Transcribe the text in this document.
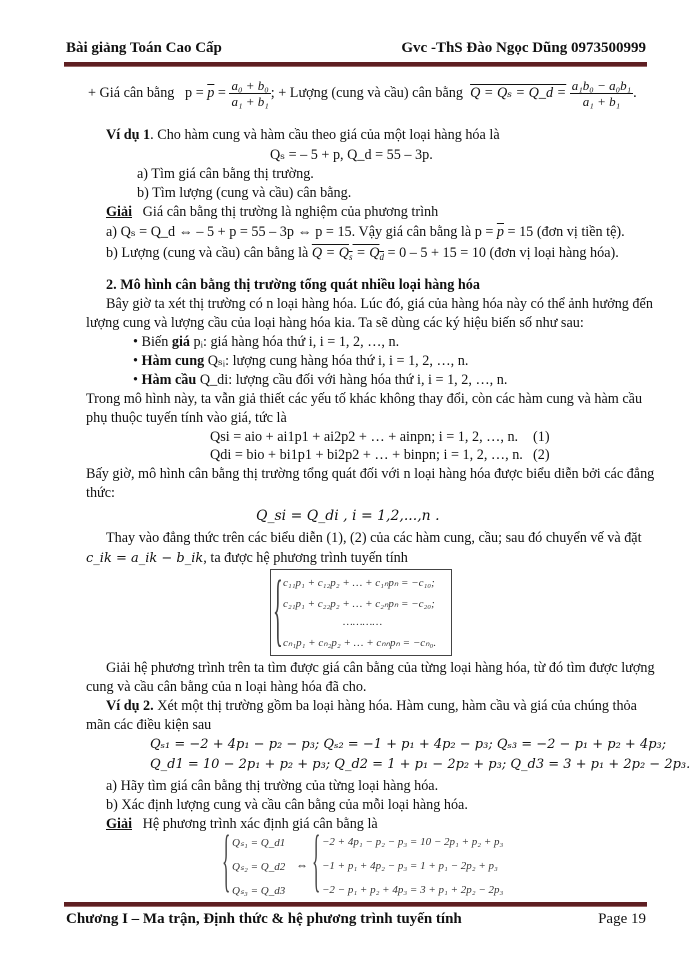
Bài giảng Toán Cao Cấp	Gvc -ThS Đào Ngọc Dũng 0973500999
+ Giá cân bằng $p = \overline{p} = \frac{\text{a₀ + b₀}}{\text{a₁ + b₁}}$ ; + Lượng (cung và cầu) cân bằng Q = Qₛ = Q_d = $\frac{\text{a₁b₀ − a₀b₁}}{\text{a₁ + b₁}}$ .
Ví dụ 1. Cho hàm cung và hàm cầu theo giá của một loại hàng hóa là
Qₛ = – 5 + p, Q_d = 55 – 3p.
a) Tìm giá cân bằng thị trường.
b) Tìm lượng (cung và cầu) cân bằng.
Giải Giá cân bằng thị trường là nghiệm của phương trình
a) Qₛ = Q_d ⇔ – 5 + p = 55 – 3p ⇔ p = 15. Vậy giá cân bằng là $p = \overline{p} = 15$ (đơn vị tiền tệ).
b) Lượng (cung và cầu) cân bằng là $Q = Q_s = Q_d = 0 - 5 + 15 = 10$ (đơn vị loại hàng hóa).
2. Mô hình cân bằng thị trường tổng quát nhiều loại hàng hóa
Bây giờ ta xét thị trường có n loại hàng hóa. Lúc đó, giá của hàng hóa này có thể ảnh hưởng đến
lượng cung và lượng cầu của loại hàng hóa kia. Ta sẽ dùng các ký hiệu biến số như sau:
• Biến giá pᵢ: giá hàng hóa thứ i, i = 1, 2, …, n.
• Hàm cung Qₛᵢ: lượng cung hàng hóa thứ i, i = 1, 2, …, n.
• Hàm cầu Q_di: lượng cầu đối với hàng hóa thứ i, i = 1, 2, …, n.
Trong mô hình này, ta vẫn giả thiết các yếu tố khác không thay đổi, còn các hàm cung và hàm cầu
phụ thuộc tuyến tính vào giá, tức là
Qsi = aio + ai1p1 + ai2p2 + … + ainpn; i = 1, 2, …, n. (1)
Qdi = bio + bi1p1 + bi2p2 + … + binpn; i = 1, 2, …, n. (2)
Bấy giờ, mô hình cân bằng thị trường tổng quát đối với n loại hàng hóa được biểu diễn bởi các đẳng
thức:
Q_si = Q_di , i = 1,2,...,n .
Thay vào đẳng thức trên các biểu diễn (1), (2) của các hàm cung, cầu; sau đó chuyển vế và đặt
c_ik = a_ik − b_ik, ta được hệ phương trình tuyến tính
{ c₁₁p₁ + c₁₂p₂ + … + c₁ₙpₙ = −c₁₀;
c₂₁p₁ + c₂₂p₂ + … + c₂ₙpₙ = −c₂₀;
…………
cₙ₁p₁ + cₙ₂p₂ + … + cₙₙpₙ = −cₙ₀.
Giải hệ phương trình trên ta tìm được giá cân bằng của từng loại hàng hóa, từ đó tìm được lượng
cung và cầu cân bằng của n loại hàng hóa đã cho.
Ví dụ 2. Xét một thị trường gồm ba loại hàng hóa. Hàm cung, hàm cầu và giá của chúng thỏa
mãn các điều kiện sau
Qₛ₁ = −2 + 4p₁ − p₂ − p₃; Qₛ₂ = −1 + p₁ + 4p₂ − p₃; Qₛ₃ = −2 − p₁ + p₂ + 4p₃;
Q_d1 = 10 − 2p₁ + p₂ + p₃; Q_d2 = 1 + p₁ − 2p₂ + p₃; Q_d3 = 3 + p₁ + 2p₂ − 2p₃.
a) Hãy tìm giá cân bằng thị trường của từng loại hàng hóa.
b) Xác định lượng cung và cầu cân bằng của mỗi loại hàng hóa.
Giải Hệ phương trình xác định giá cân bằng là
{ Qₛ₁ = Q_d1
Qₛ₂ = Q_d2
Qₛ₃ = Q_d3
⇔ { −2 + 4p₁ − p₂ − p₃ = 10 − 2p₁ + p₂ + p₃
−1 + p₁ + 4p₂ − p₃ = 1 + p₁ − 2p₂ + p₃
−2 − p₁ + p₂ + 4p₃ = 3 + p₁ + 2p₂ − 2p₃
Chương I – Ma trận, Định thức & hệ phương trình tuyến tính	Page 19
